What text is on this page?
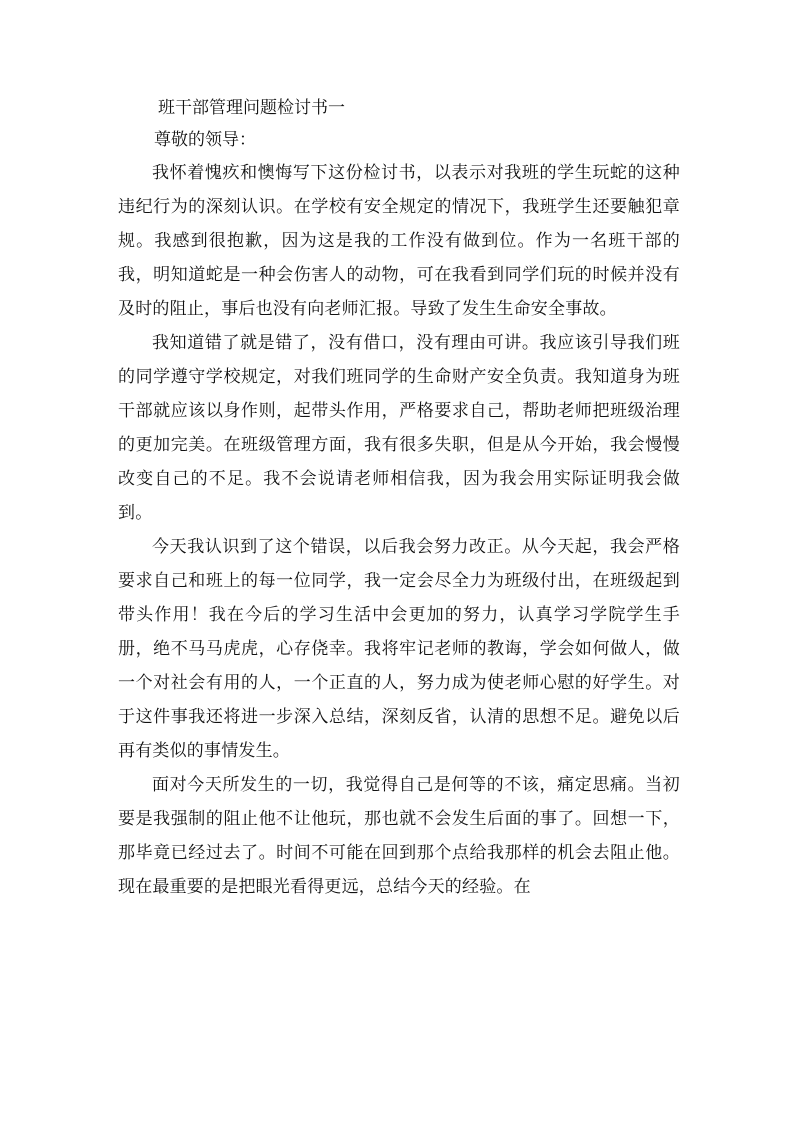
班干部管理问题检讨书一
尊敬的领导：

我怀着愧疚和懊悔写下这份检讨书，以表示对我班的学生玩蛇的这种违纪行为的深刻认识。在学校有安全规定的情况下，我班学生还要触犯章规。我感到很抱歉，因为这是我的工作没有做到位。作为一名班干部的我，明知道蛇是一种会伤害人的动物，可在我看到同学们玩的时候并没有及时的阻止，事后也没有向老师汇报。导致了发生生命安全事故。

我知道错了就是错了，没有借口，没有理由可讲。我应该引导我们班的同学遵守学校规定，对我们班同学的生命财产安全负责。我知道身为班干部就应该以身作则，起带头作用，严格要求自己，帮助老师把班级治理的更加完美。在班级管理方面，我有很多失职，但是从今开始，我会慢慢改变自己的不足。我不会说请老师相信我，因为我会用实际证明我会做到。

今天我认识到了这个错误，以后我会努力改正。从今天起，我会严格要求自己和班上的每一位同学，我一定会尽全力为班级付出，在班级起到带头作用！我在今后的学习生活中会更加的努力，认真学习学院学生手册，绝不马马虎虎，心存侥幸。我将牢记老师的教诲，学会如何做人，做一个对社会有用的人，一个正直的人，努力成为使老师心慰的好学生。对于这件事我还将进一步深入总结，深刻反省，认清的思想不足。避免以后再有类似的事情发生。

面对今天所发生的一切，我觉得自己是何等的不该，痛定思痛。当初要是我强制的阻止他不让他玩，那也就不会发生后面的事了。回想一下，那毕竟已经过去了。时间不可能在回到那个点给我那样的机会去阻止他。现在最重要的是把眼光看得更远，总结今天的经验。在
